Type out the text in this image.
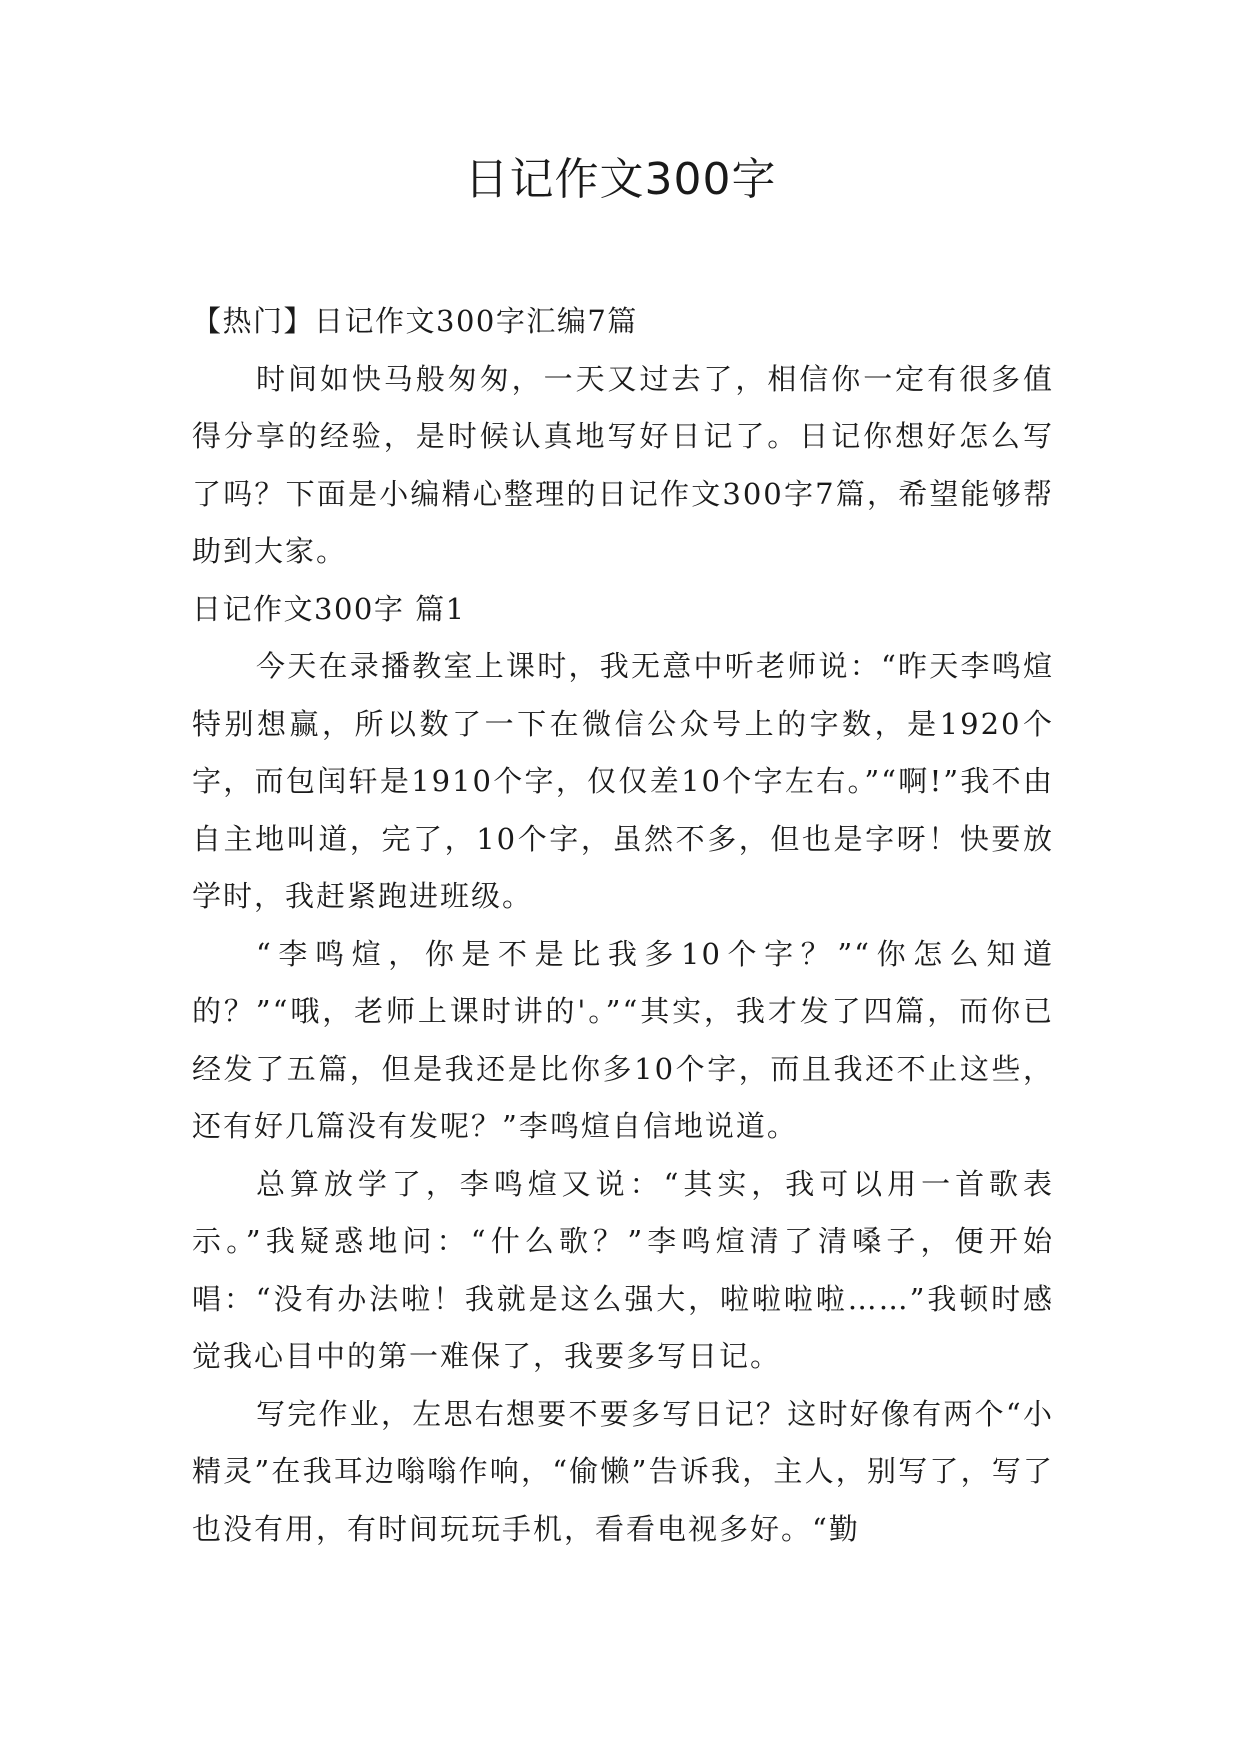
日记作文300字

【热门】日记作文300字汇编7篇

时间如快马般匆匆，一天又过去了，相信你一定有很多值得分享的经验，是时候认真地写好日记了。日记你想好怎么写了吗？下面是小编精心整理的日记作文300字7篇，希望能够帮助到大家。

日记作文300字 篇1

今天在录播教室上课时，我无意中听老师说：“昨天李鸣煊特别想赢，所以数了一下在微信公众号上的字数，是1920个字，而包闰轩是1910个字，仅仅差10个字左右。”“啊!”我不由自主地叫道，完了，10个字，虽然不多，但也是字呀！快要放学时，我赶紧跑进班级。

“李鸣煊，你是不是比我多10个字？”“你怎么知道的？”“哦，老师上课时讲的'。”“其实，我才发了四篇，而你已经发了五篇，但是我还是比你多10个字，而且我还不止这些，还有好几篇没有发呢？”李鸣煊自信地说道。

总算放学了，李鸣煊又说：“其实，我可以用一首歌表示。”我疑惑地问：“什么歌？”李鸣煊清了清嗓子，便开始唱：“没有办法啦！我就是这么强大，啦啦啦啦……”我顿时感觉我心目中的第一难保了，我要多写日记。

写完作业，左思右想要不要多写日记？这时好像有两个“小精灵”在我耳边嗡嗡作响，“偷懒”告诉我，主人，别写了，写了也没有用，有时间玩玩手机，看看电视多好。“勤
